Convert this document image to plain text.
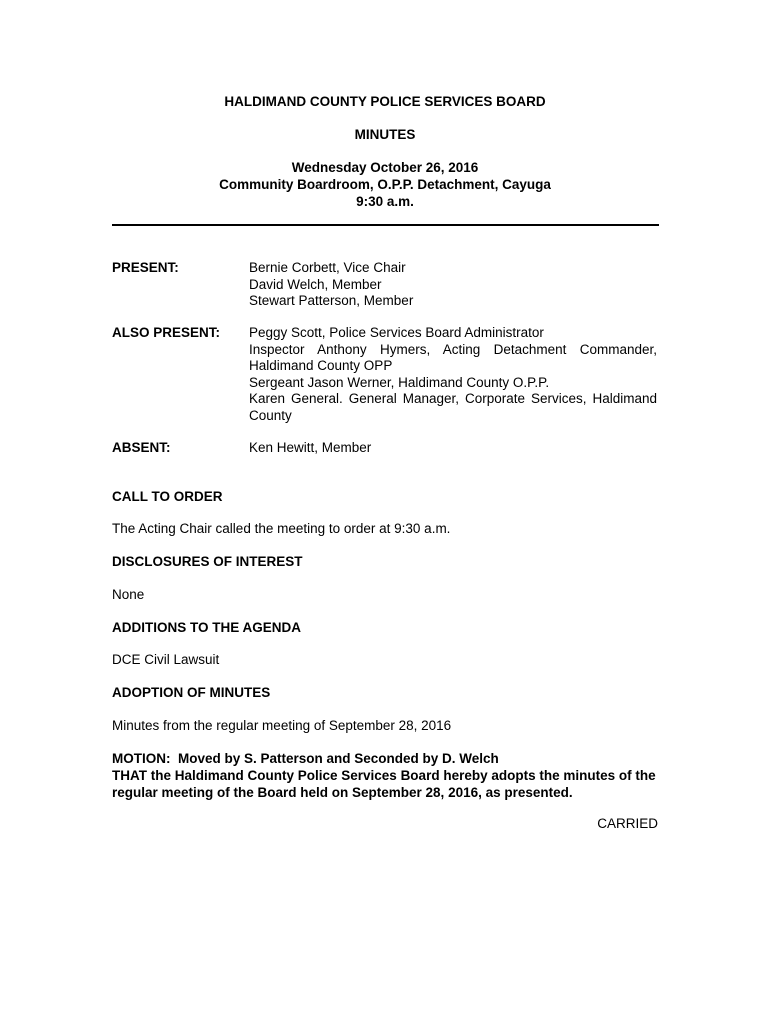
HALDIMAND COUNTY POLICE SERVICES BOARD
MINUTES
Wednesday October 26, 2016
Community Boardroom, O.P.P. Detachment, Cayuga
9:30 a.m.
PRESENT:	Bernie Corbett, Vice Chair
David Welch, Member
Stewart Patterson, Member
ALSO PRESENT: Peggy Scott, Police Services Board Administrator
Inspector Anthony Hymers, Acting Detachment Commander, Haldimand County OPP
Sergeant Jason Werner, Haldimand County O.P.P.
Karen General. General Manager, Corporate Services, Haldimand County
ABSENT:	Ken Hewitt, Member
CALL TO ORDER
The Acting Chair called the meeting to order at 9:30 a.m.
DISCLOSURES OF INTEREST
None
ADDITIONS TO THE AGENDA
DCE Civil Lawsuit
ADOPTION OF MINUTES
Minutes from the regular meeting of September 28, 2016
MOTION:  Moved by S. Patterson and Seconded by D. Welch
THAT the Haldimand County Police Services Board hereby adopts the minutes of the regular meeting of the Board held on September 28, 2016, as presented.
CARRIED
